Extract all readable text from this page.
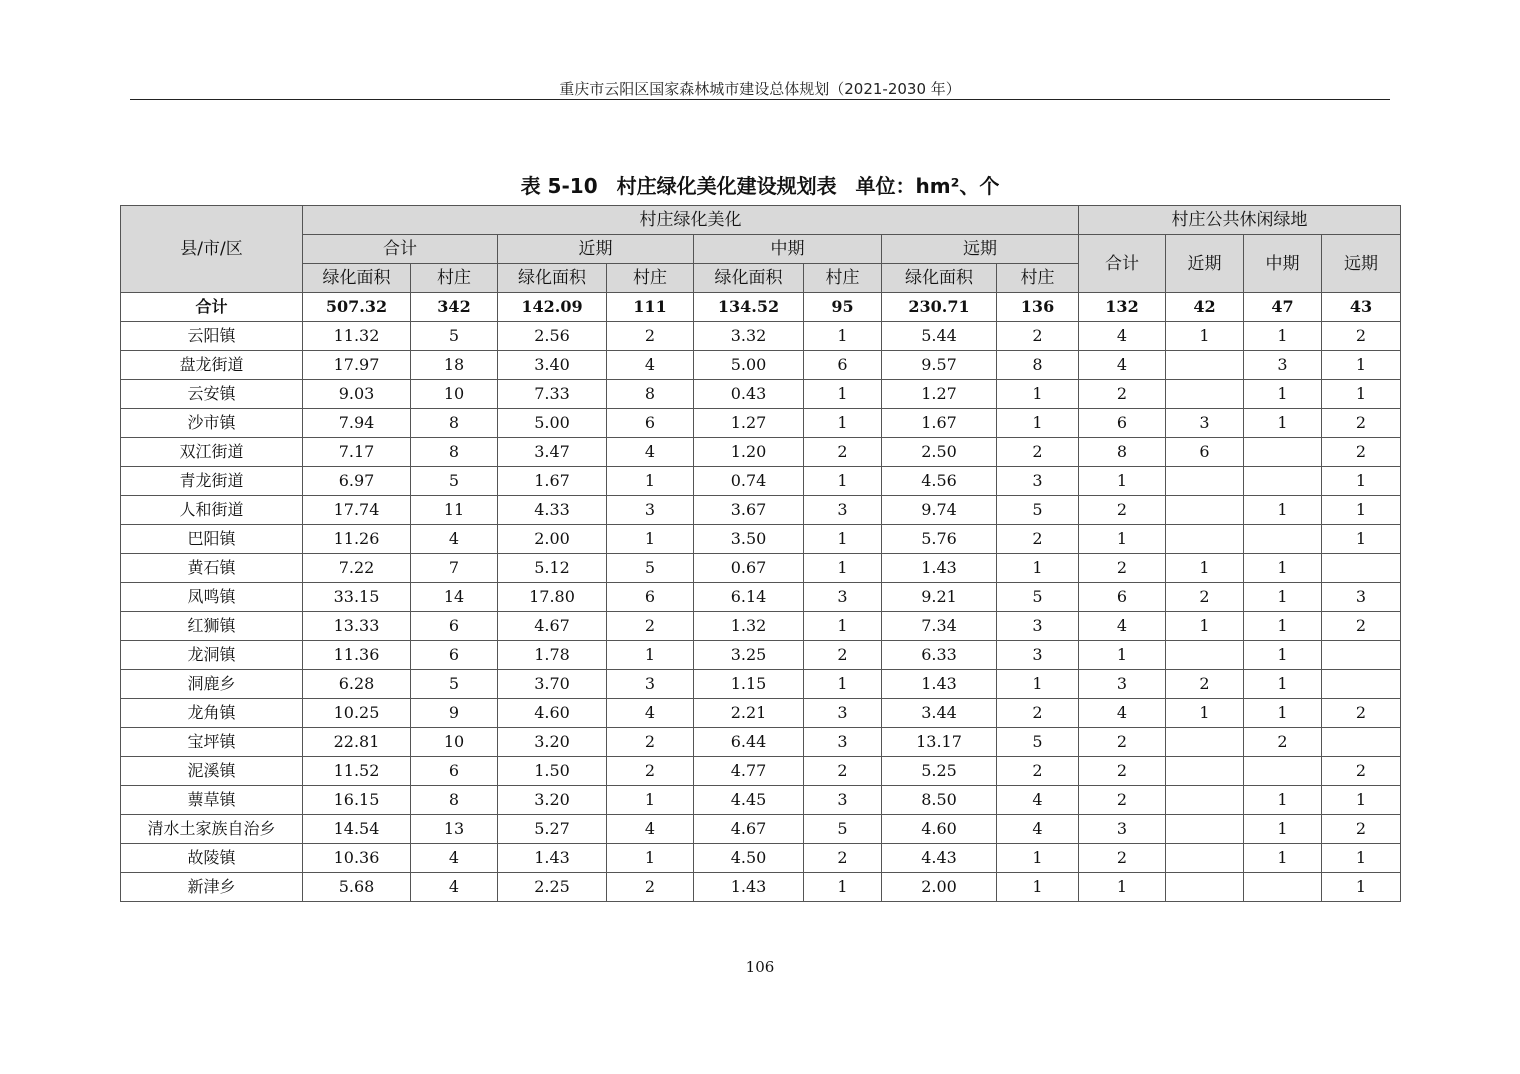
重庆市云阳区国家森林城市建设总体规划（2021-2030 年）
表 5-10 村庄绿化美化建设规划表 单位：hm²、个
县/市/区	村庄绿化美化								村庄公共休闲绿地			
	合计		近期		中期		远期		合计	近期	中期	远期
	绿化面积	村庄	绿化面积	村庄	绿化面积	村庄	绿化面积	村庄				
合计	507.32	342	142.09	111	134.52	95	230.71	136	132	42	47	43
云阳镇	11.32	5	2.56	2	3.32	1	5.44	2	4	1	1	2
盘龙街道	17.97	18	3.40	4	5.00	6	9.57	8	4		3	1
云安镇	9.03	10	7.33	8	0.43	1	1.27	1	2		1	1
沙市镇	7.94	8	5.00	6	1.27	1	1.67	1	6	3	1	2
双江街道	7.17	8	3.47	4	1.20	2	2.50	2	8	6		2
青龙街道	6.97	5	1.67	1	0.74	1	4.56	3	1			1
人和街道	17.74	11	4.33	3	3.67	3	9.74	5	2		1	1
巴阳镇	11.26	4	2.00	1	3.50	1	5.76	2	1			1
黄石镇	7.22	7	5.12	5	0.67	1	1.43	1	2	1	1	
凤鸣镇	33.15	14	17.80	6	6.14	3	9.21	5	6	2	1	3
红狮镇	13.33	6	4.67	2	1.32	1	7.34	3	4	1	1	2
龙洞镇	11.36	6	1.78	1	3.25	2	6.33	3	1		1	
洞鹿乡	6.28	5	3.70	3	1.15	1	1.43	1	3	2	1	
龙角镇	10.25	9	4.60	4	2.21	3	3.44	2	4	1	1	2
宝坪镇	22.81	10	3.20	2	6.44	3	13.17	5	2		2	
泥溪镇	11.52	6	1.50	2	4.77	2	5.25	2	2			2
蔈草镇	16.15	8	3.20	1	4.45	3	8.50	4	2		1	1
清水土家族自治乡	14.54	13	5.27	4	4.67	5	4.60	4	3		1	2
故陵镇	10.36	4	1.43	1	4.50	2	4.43	1	2		1	1
新津乡	5.68	4	2.25	2	1.43	1	2.00	1	1			1
106
